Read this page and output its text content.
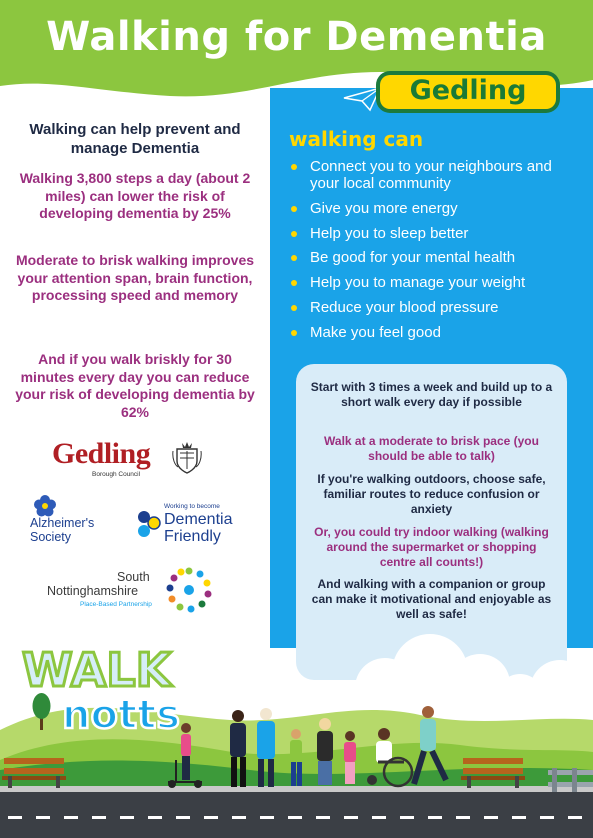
Walking for Dementia
Gedling
Walking can help prevent and manage Dementia
Walking 3,800 steps a day (about 2 miles) can lower the risk of developing dementia by 25%
Moderate to brisk walking improves your attention span, brain function, processing speed and memory
And if you walk briskly for 30 minutes every day you can reduce your risk of developing dementia by 62%
Gedling
Borough Council
Alzheimer's
Society
Working to become
Dementia
Friendly
South
Nottinghamshire
Place-Based Partnership
walking can
Connect you to your neighbours and your local community
Give you more energy
Help you to sleep better
Be good for your mental health
Help you to manage your weight
Reduce your blood pressure
Make you feel good
Start with 3 times a week and build up to a short walk every day if possible
Walk at a moderate to brisk pace (you should be able to talk)
If you're walking outdoors, choose safe, familiar routes to reduce confusion or anxiety
Or, you could try indoor walking (walking around the supermarket or shopping centre all counts!)
And walking with a companion or group can make it motivational and enjoyable as well as safe!
WALK
notts
